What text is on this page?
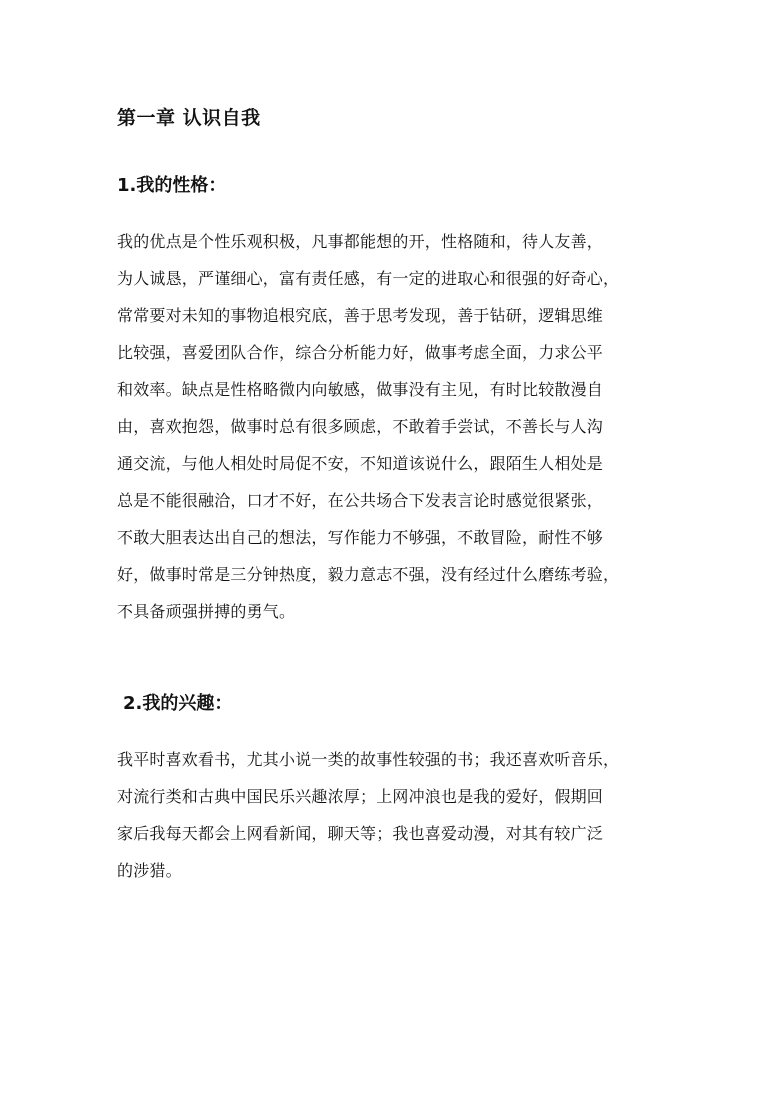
第一章 认识自我
1.我的性格：

我的优点是个性乐观积极，凡事都能想的开，性格随和，待人友善，

为人诚恳，严谨细心，富有责任感，有一定的进取心和很强的好奇心，

常常要对未知的事物追根究底，善于思考发现，善于钻研，逻辑思维

比较强，喜爱团队合作，综合分析能力好，做事考虑全面，力求公平

和效率。缺点是性格略微内向敏感，做事没有主见，有时比较散漫自

由，喜欢抱怨，做事时总有很多顾虑，不敢着手尝试，不善长与人沟

通交流，与他人相处时局促不安，不知道该说什么，跟陌生人相处是

总是不能很融洽，口才不好，在公共场合下发表言论时感觉很紧张，

不敢大胆表达出自己的想法，写作能力不够强，不敢冒险，耐性不够

好，做事时常是三分钟热度，毅力意志不强，没有经过什么磨练考验，

不具备顽强拼搏的勇气。

2.我的兴趣：

我平时喜欢看书，尤其小说一类的故事性较强的书；我还喜欢听音乐，

对流行类和古典中国民乐兴趣浓厚；上网冲浪也是我的爱好，假期回

家后我每天都会上网看新闻，聊天等；我也喜爱动漫，对其有较广泛

的涉猎。
